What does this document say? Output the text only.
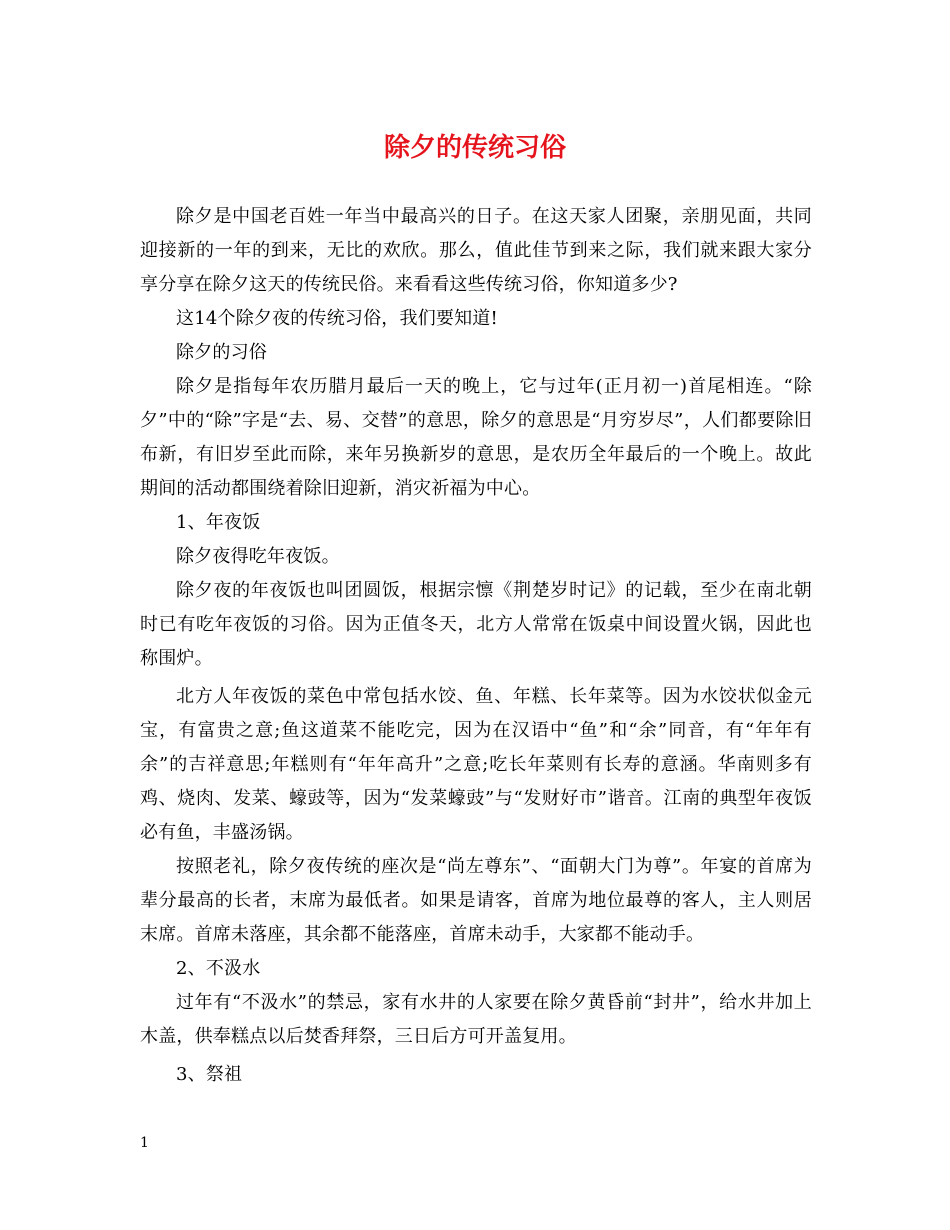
除夕的传统习俗

除夕是中国老百姓一年当中最高兴的日子。在这天家人团聚，亲朋见面，共同迎接新的一年的到来，无比的欢欣。那么，值此佳节到来之际，我们就来跟大家分享分享在除夕这天的传统民俗。来看看这些传统习俗，你知道多少?

这14个除夕夜的传统习俗，我们要知道!

除夕的习俗

除夕是指每年农历腊月最后一天的晚上，它与过年(正月初一)首尾相连。“除夕”中的“除”字是“去、易、交替”的意思，除夕的意思是“月穷岁尽”，人们都要除旧布新，有旧岁至此而除，来年另换新岁的意思，是农历全年最后的一个晚上。故此期间的活动都围绕着除旧迎新，消灾祈福为中心。

1、年夜饭

除夕夜得吃年夜饭。

除夕夜的年夜饭也叫团圆饭，根据宗懔《荆楚岁时记》的记载，至少在南北朝时已有吃年夜饭的习俗。因为正值冬天，北方人常常在饭桌中间设置火锅，因此也称围炉。

北方人年夜饭的菜色中常包括水饺、鱼、年糕、长年菜等。因为水饺状似金元宝，有富贵之意;鱼这道菜不能吃完，因为在汉语中“鱼”和“余”同音，有“年年有余”的吉祥意思;年糕则有“年年高升”之意;吃长年菜则有长寿的意涵。华南则多有鸡、烧肉、发菜、蠔豉等，因为“发菜蠔豉”与“发财好市”谐音。江南的典型年夜饭必有鱼，丰盛汤锅。

按照老礼，除夕夜传统的座次是“尚左尊东”、“面朝大门为尊”。年宴的首席为辈分最高的长者，末席为最低者。如果是请客，首席为地位最尊的客人，主人则居末席。首席未落座，其余都不能落座，首席未动手，大家都不能动手。

2、不汲水

过年有“不汲水”的禁忌，家有水井的人家要在除夕黄昏前“封井”，给水井加上木盖，供奉糕点以后焚香拜祭，三日后方可开盖复用。

3、祭祖

1
